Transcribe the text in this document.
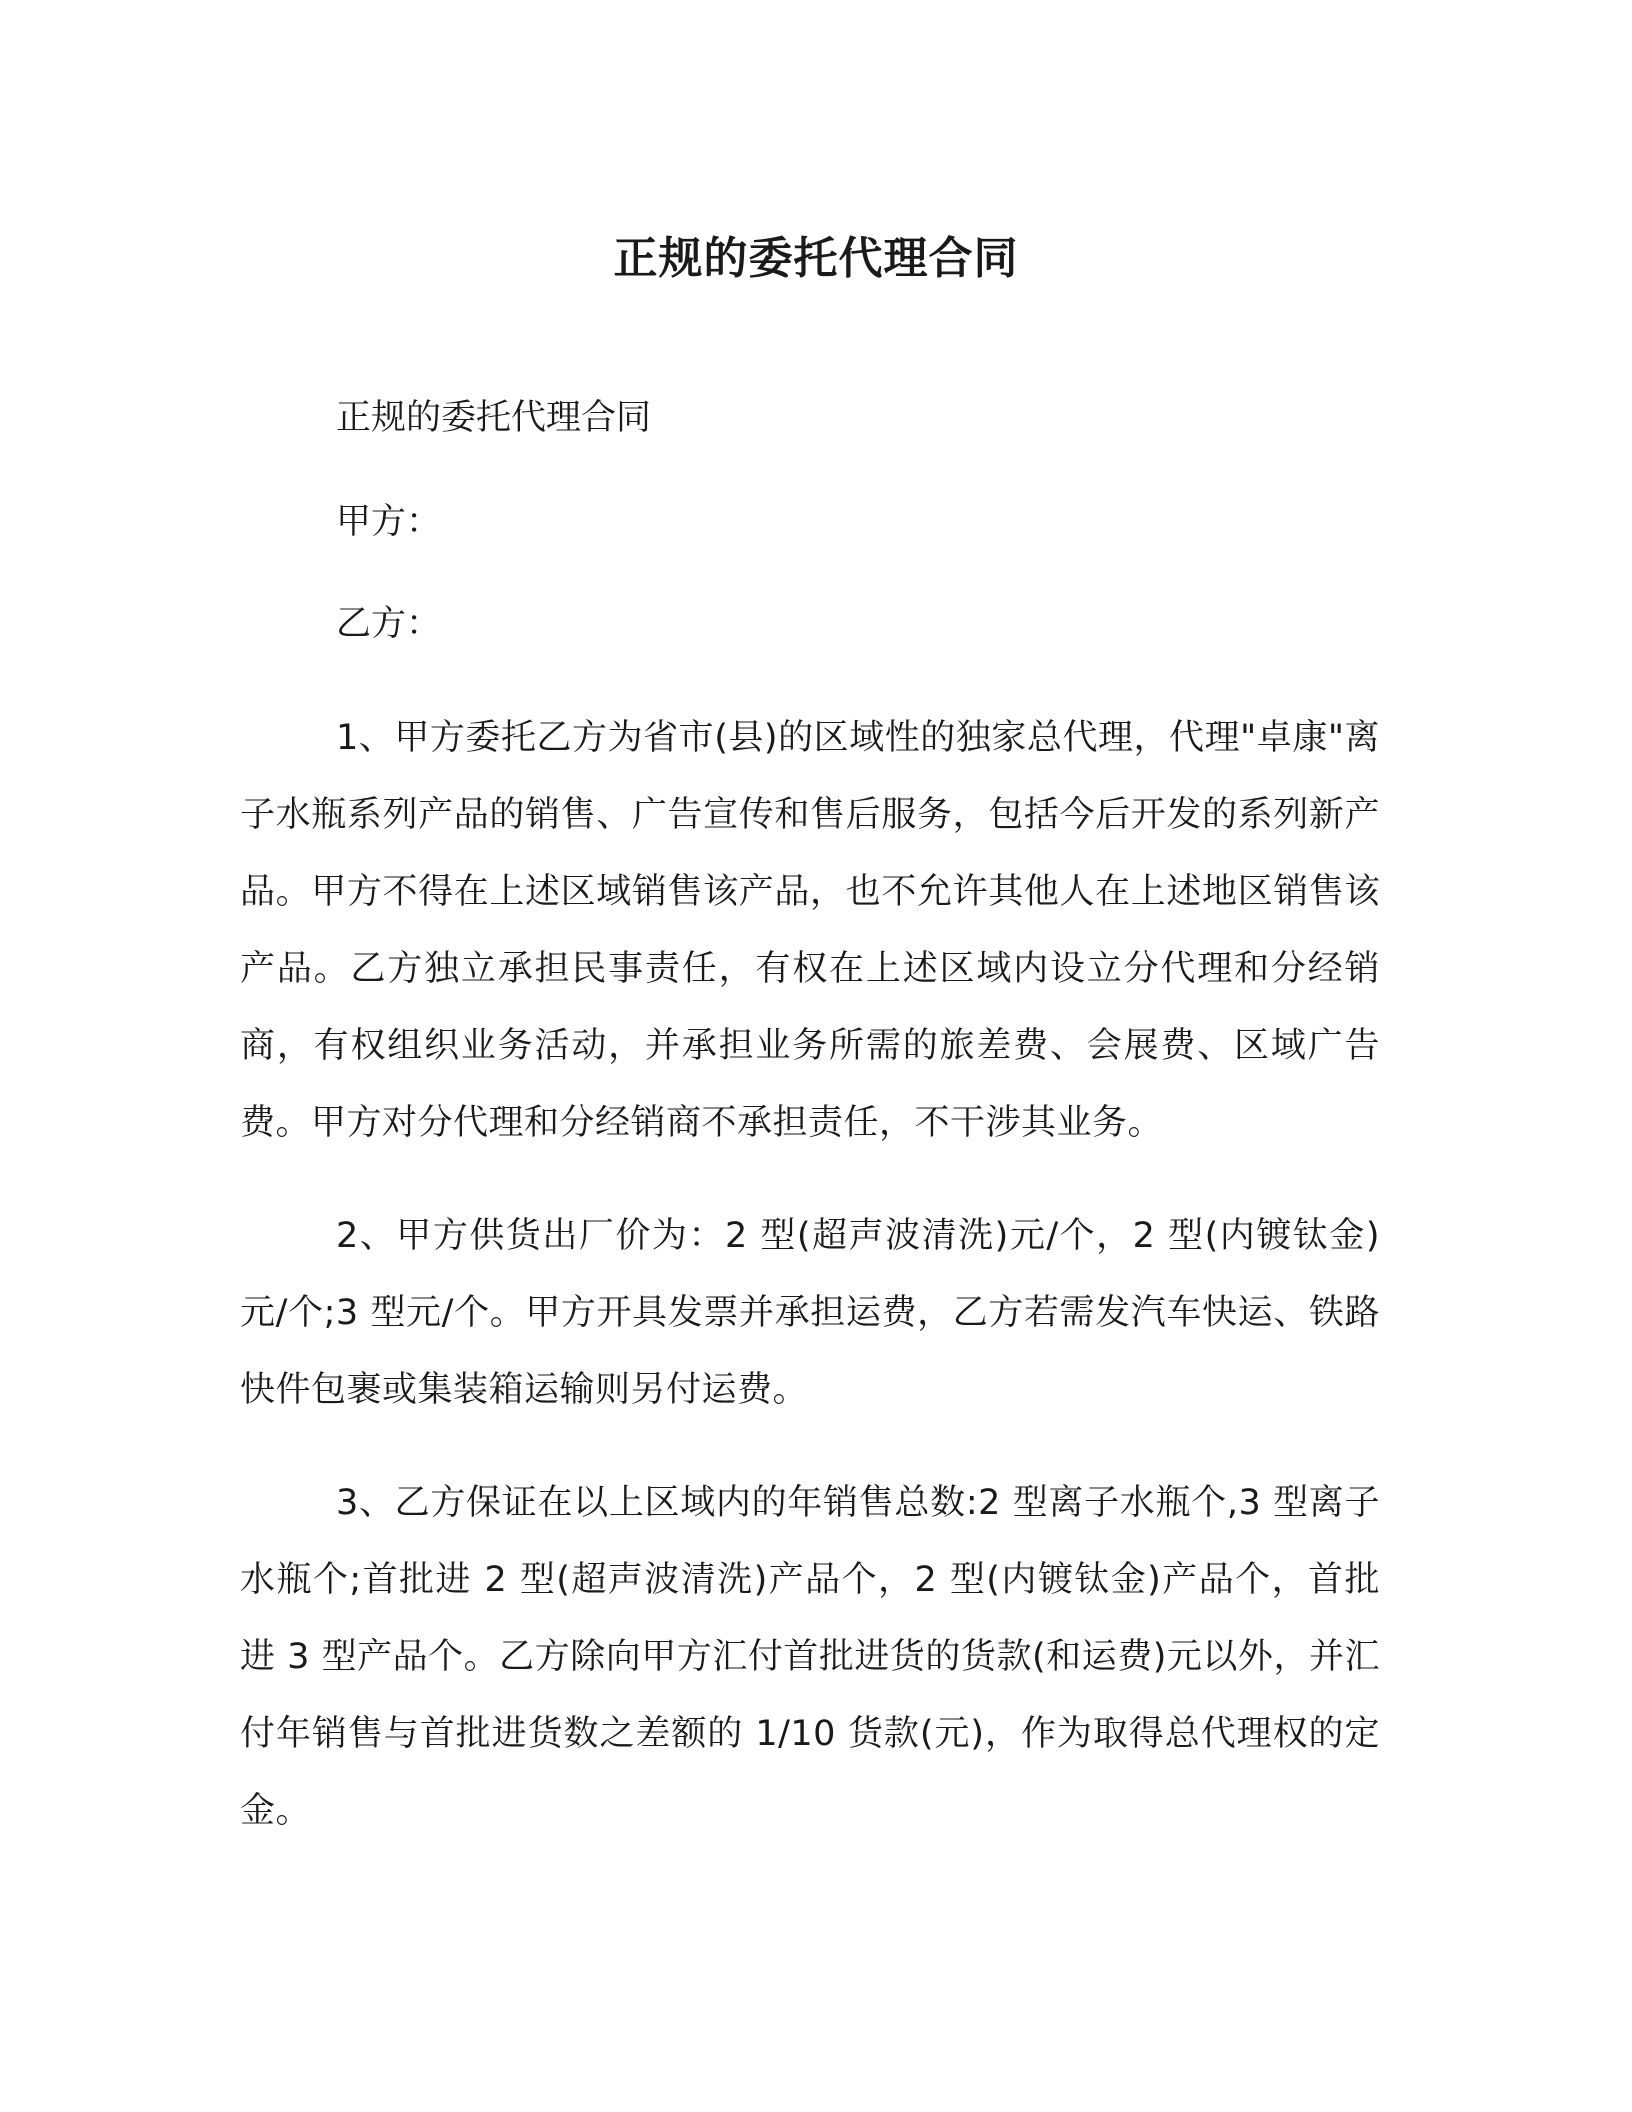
正规的委托代理合同

正规的委托代理合同

甲方：

乙方：

1、甲方委托乙方为省市(县)的区域性的独家总代理，代理"卓康"离子水瓶系列产品的销售、广告宣传和售后服务，包括今后开发的系列新产品。甲方不得在上述区域销售该产品，也不允许其他人在上述地区销售该产品。乙方独立承担民事责任，有权在上述区域内设立分代理和分经销商，有权组织业务活动，并承担业务所需的旅差费、会展费、区域广告费。甲方对分代理和分经销商不承担责任，不干涉其业务。

2、甲方供货出厂价为：2 型(超声波清洗)元/个，2 型(内镀钛金)元/个;3 型元/个。甲方开具发票并承担运费，乙方若需发汽车快运、铁路快件包裹或集装箱运输则另付运费。

3、乙方保证在以上区域内的年销售总数:2 型离子水瓶个,3 型离子水瓶个;首批进 2 型(超声波清洗)产品个，2 型(内镀钛金)产品个，首批进 3 型产品个。乙方除向甲方汇付首批进货的货款(和运费)元以外，并汇付年销售与首批进货数之差额的 1/10 货款(元)，作为取得总代理权的定金。
